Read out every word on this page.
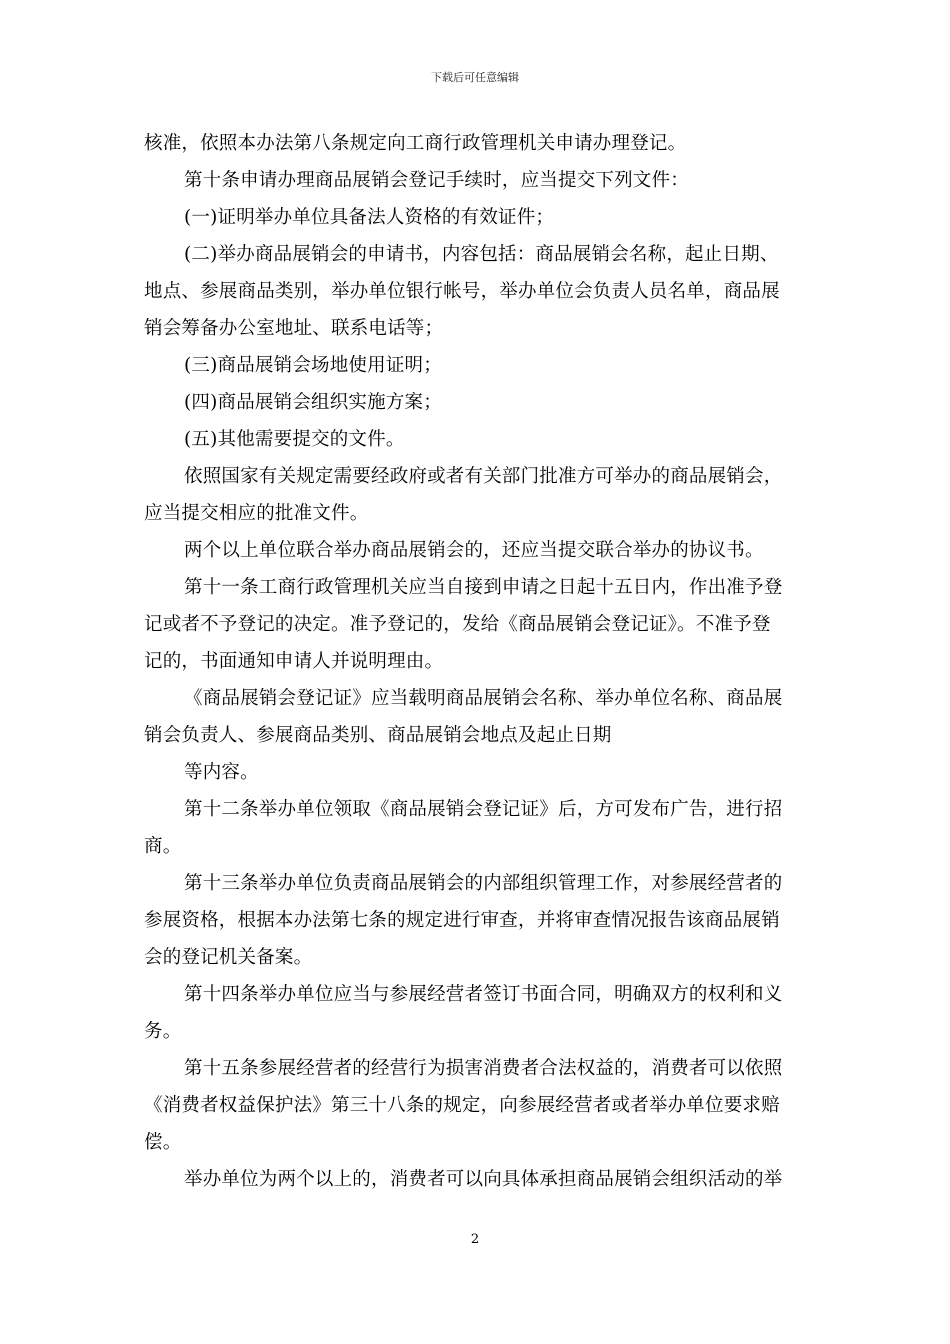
下载后可任意编辑
核准，依照本办法第八条规定向工商行政管理机关申请办理登记。
第十条申请办理商品展销会登记手续时，应当提交下列文件：
(一)证明举办单位具备法人资格的有效证件；
(二)举办商品展销会的申请书，内容包括：商品展销会名称，起止日期、
地点、参展商品类别，举办单位银行帐号，举办单位会负责人员名单，商品展
销会筹备办公室地址、联系电话等；
(三)商品展销会场地使用证明；
(四)商品展销会组织实施方案；
(五)其他需要提交的文件。
依照国家有关规定需要经政府或者有关部门批准方可举办的商品展销会，
应当提交相应的批准文件。
两个以上单位联合举办商品展销会的，还应当提交联合举办的协议书。
第十一条工商行政管理机关应当自接到申请之日起十五日内，作出准予登
记或者不予登记的决定。准予登记的，发给《商品展销会登记证》。不准予登
记的，书面通知申请人并说明理由。
《商品展销会登记证》应当载明商品展销会名称、举办单位名称、商品展
销会负责人、参展商品类别、商品展销会地点及起止日期
等内容。
第十二条举办单位领取《商品展销会登记证》后，方可发布广告，进行招
商。
第十三条举办单位负责商品展销会的内部组织管理工作，对参展经营者的
参展资格，根据本办法第七条的规定进行审查，并将审查情况报告该商品展销
会的登记机关备案。
第十四条举办单位应当与参展经营者签订书面合同，明确双方的权利和义
务。
第十五条参展经营者的经营行为损害消费者合法权益的，消费者可以依照
《消费者权益保护法》第三十八条的规定，向参展经营者或者举办单位要求赔
偿。
举办单位为两个以上的，消费者可以向具体承担商品展销会组织活动的举
2
